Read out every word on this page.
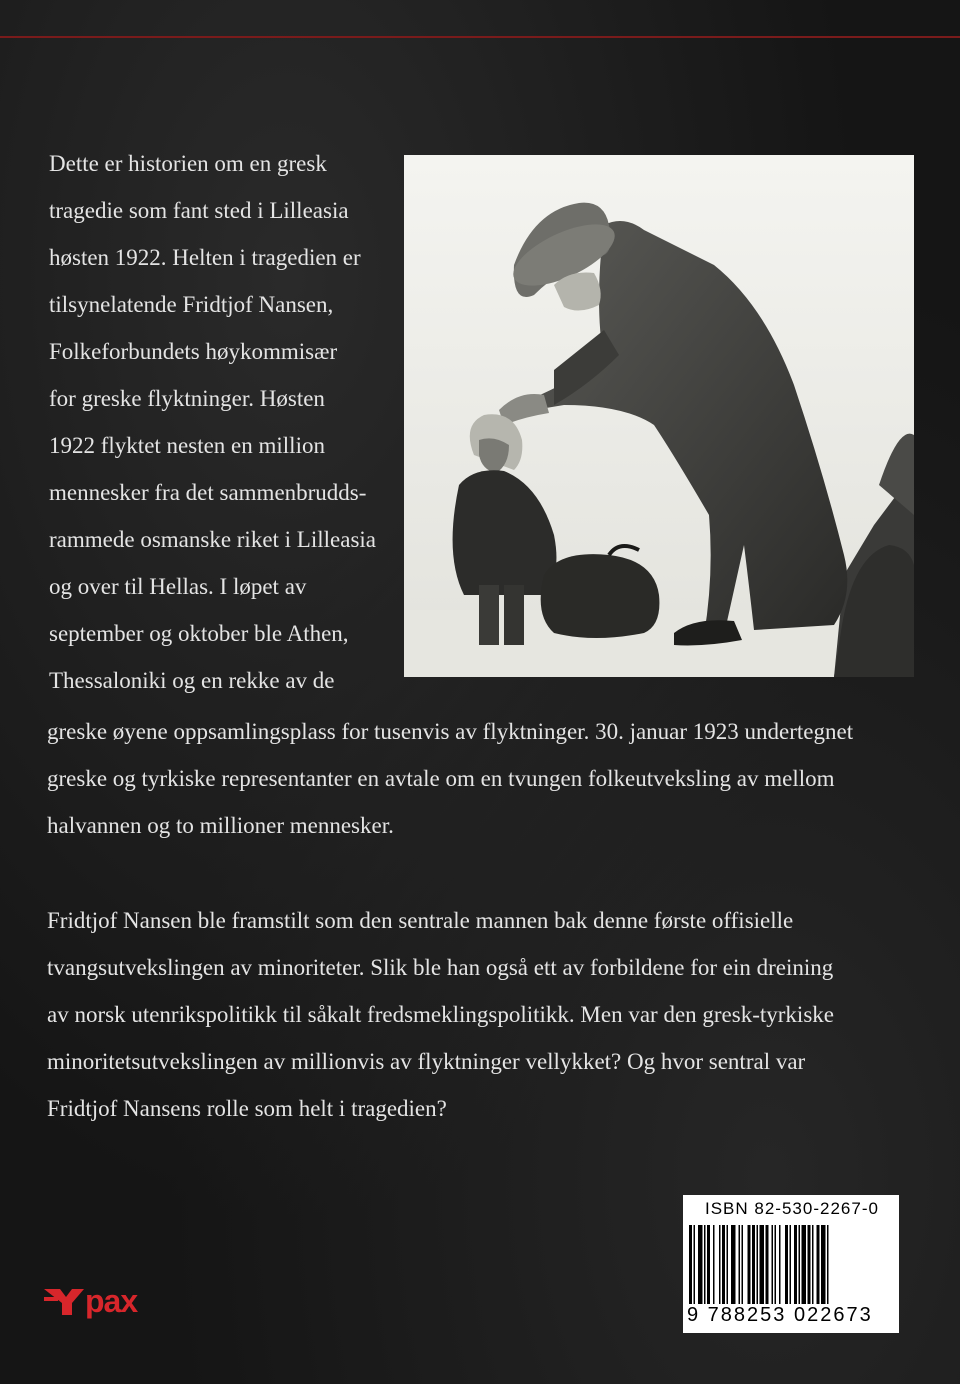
Dette er historien om en gresk
tragedie som fant sted i Lilleasia
høsten 1922. Helten i tragedien er
tilsynelatende Fridtjof Nansen,
Folkeforbundets høykommisær
for greske flyktninger. Høsten
1922 flyktet nesten en million
mennesker fra det sammenbrudds-
rammede osmanske riket i Lilleasia
og over til Hellas. I løpet av
september og oktober ble Athen,
Thessaloniki og en rekke av de
greske øyene oppsamlingsplass for tusenvis av flyktninger. 30. januar 1923 undertegnet
greske og tyrkiske representanter en avtale om en tvungen folkeutveksling av mellom
halvannen og to millioner mennesker.
Fridtjof Nansen ble framstilt som den sentrale mannen bak denne første offisielle
tvangsutvekslingen av minoriteter. Slik ble han også ett av forbildene for ein dreining
av norsk utenrikspolitikk til såkalt fredsmeklingspolitikk. Men var den gresk-tyrkiske
minoritetsutvekslingen av millionvis av flyktninger vellykket? Og hvor sentral var
Fridtjof Nansens rolle som helt i tragedien?
pax
ISBN 82-530-2267-0
9 788253 022673
